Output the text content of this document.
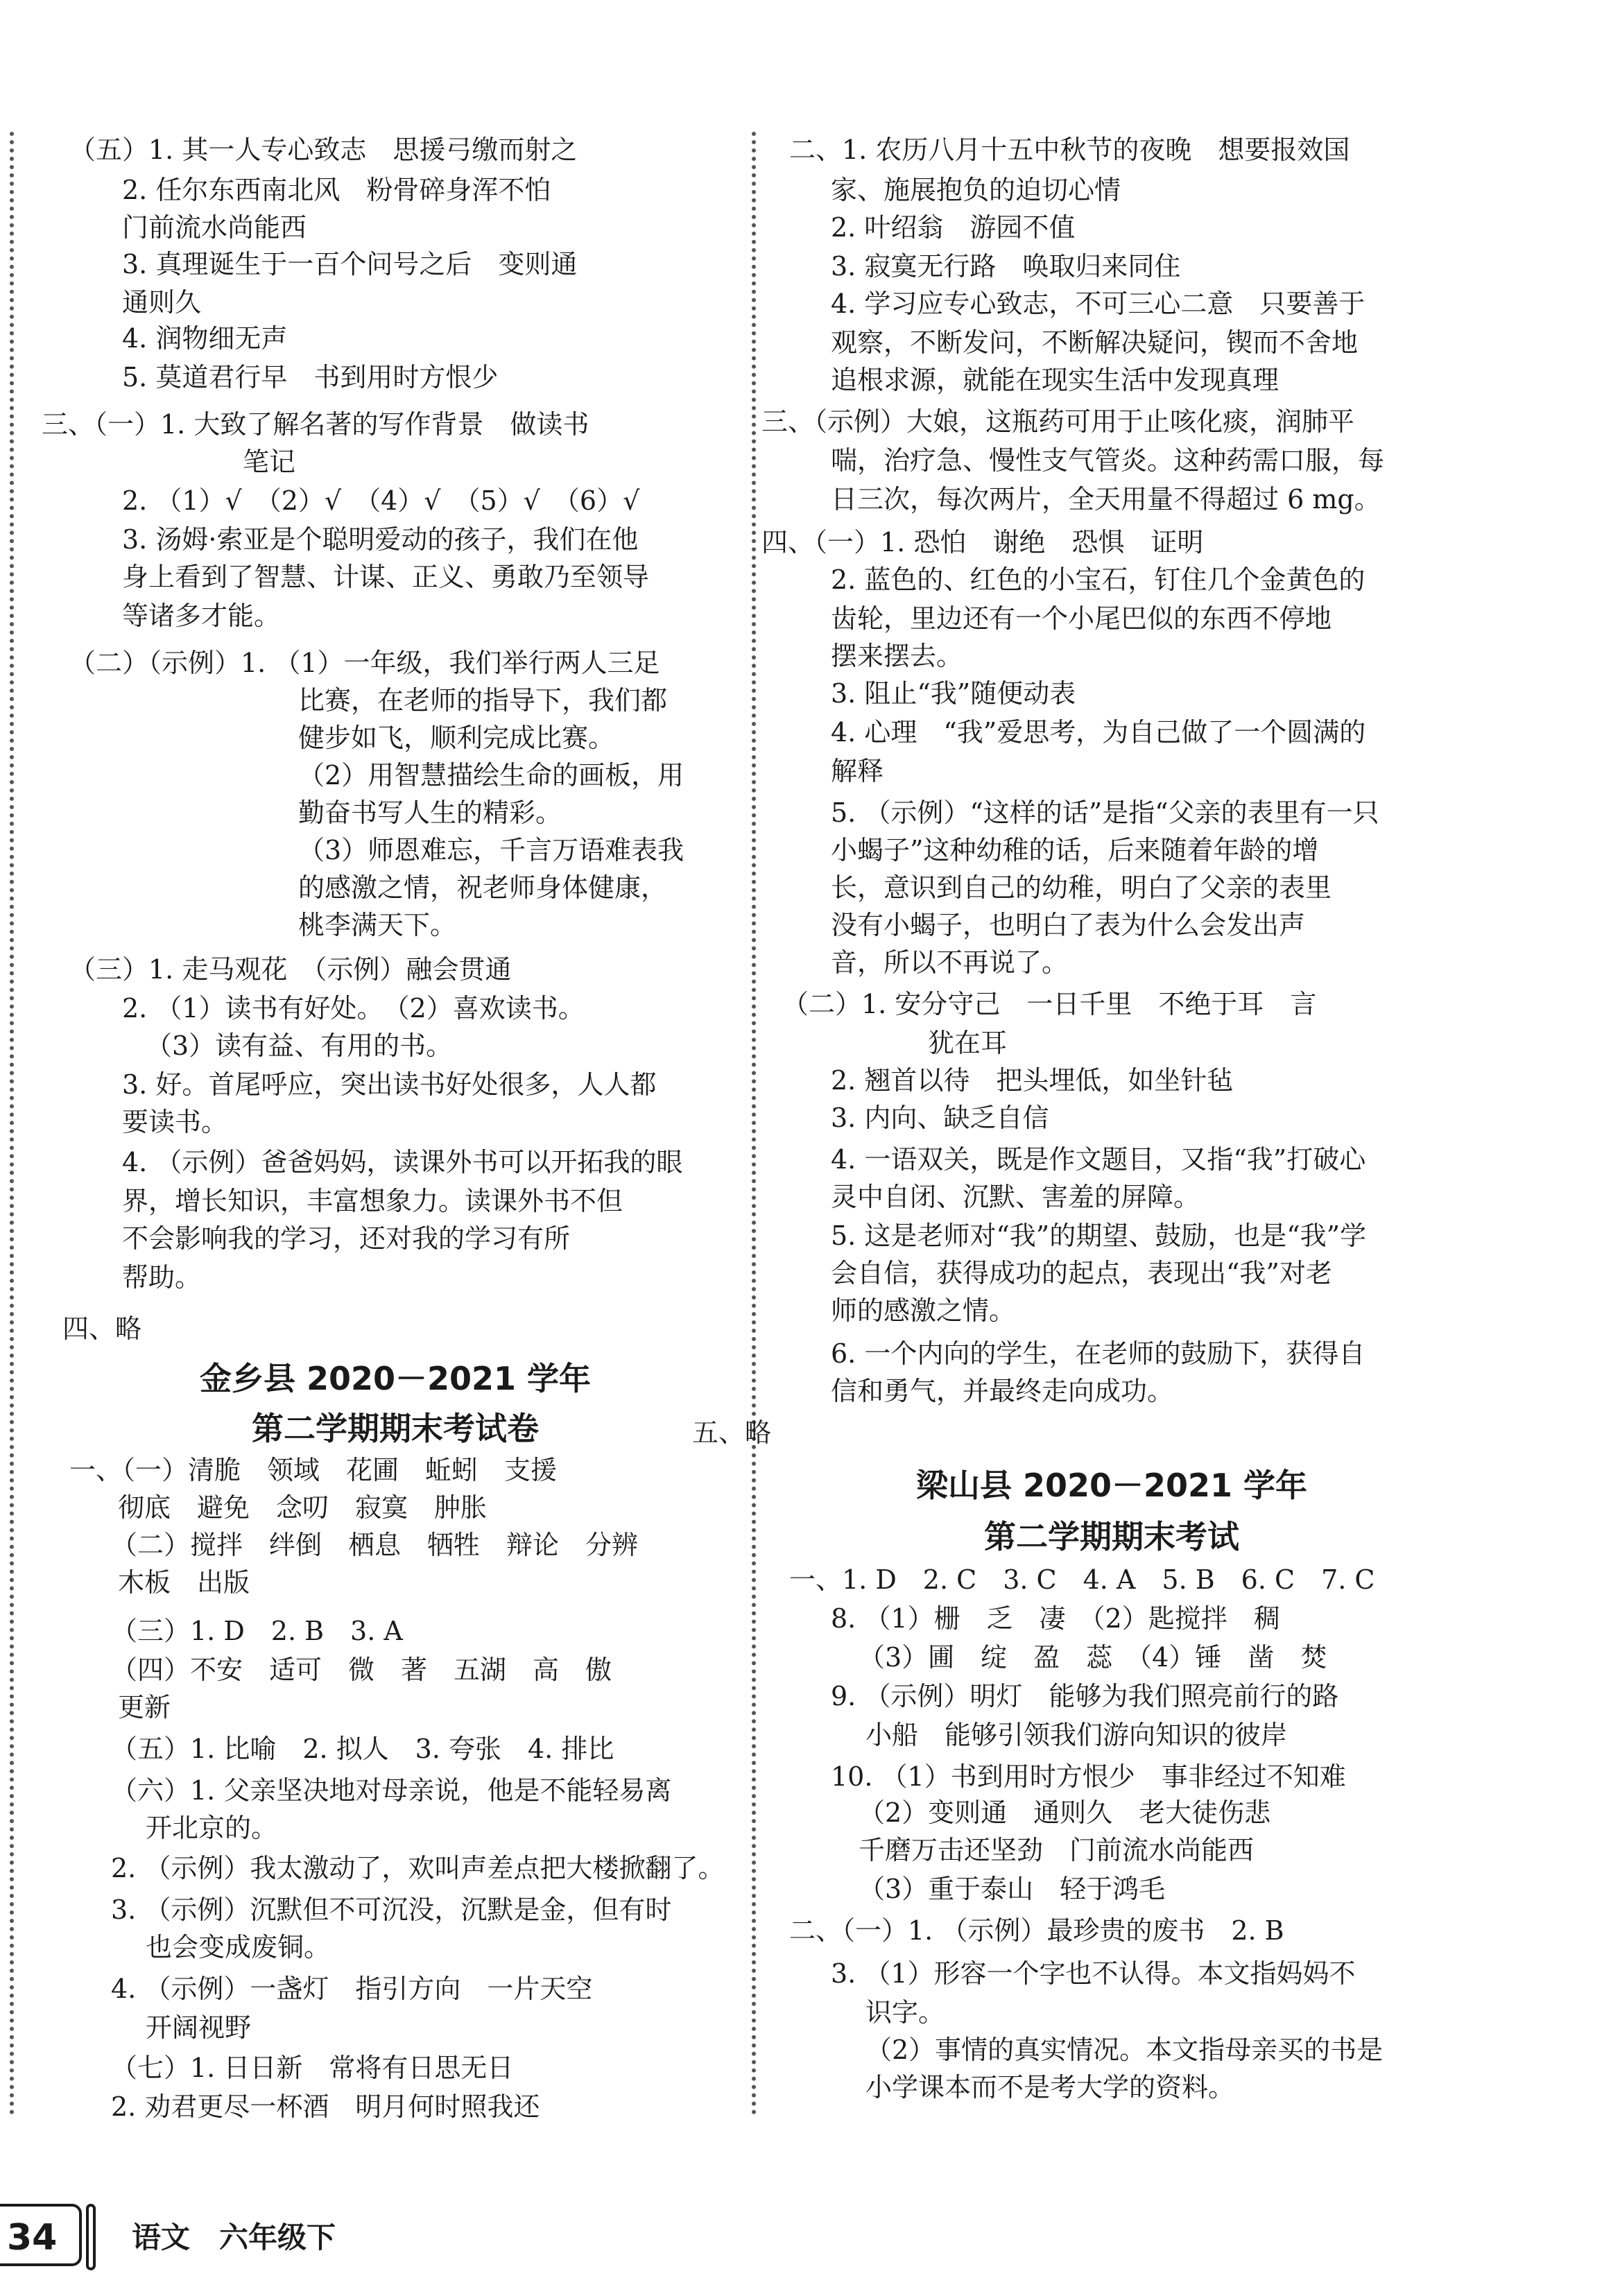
（五）1. 其一人专心致志　思援弓缴而射之
2. 任尔东西南北风　粉骨碎身浑不怕
门前流水尚能西
3. 真理诞生于一百个问号之后　变则通
通则久
4. 润物细无声
5. 莫道君行早　书到用时方恨少
三、（一）1. 大致了解名著的写作背景　做读书
笔记
2. （1）√　（2）√　（4）√　（5）√　（6）√
3. 汤姆·索亚是个聪明爱动的孩子，我们在他
身上看到了智慧、计谋、正义、勇敢乃至领导
等诸多才能。
（二）（示例）1. （1）一年级，我们举行两人三足
比赛，在老师的指导下，我们都
健步如飞，顺利完成比赛。
（2）用智慧描绘生命的画板，用
勤奋书写人生的精彩。
（3）师恩难忘，千言万语难表我
的感激之情，祝老师身体健康，
桃李满天下。
（三）1. 走马观花　（示例）融会贯通
2. （1）读书有好处。　（2）喜欢读书。
（3）读有益、有用的书。
3. 好。首尾呼应，突出读书好处很多，人人都
要读书。
4. （示例）爸爸妈妈，读课外书可以开拓我的眼
界，增长知识，丰富想象力。读课外书不但
不会影响我的学习，还对我的学习有所
帮助。
四、略
金乡县 2020－2021 学年
第二学期期末考试卷
一、（一）清脆　领域　花圃　蚯蚓　支援
彻底　避免　念叨　寂寞　肿胀
（二）搅拌　绊倒　栖息　牺牲　辩论　分辨
木板　出版
（三）1. D　2. B　3. A
（四）不安　适可　微　著　五湖　高　傲
更新
（五）1. 比喻　2. 拟人　3. 夸张　4. 排比
（六）1. 父亲坚决地对母亲说，他是不能轻易离
开北京的。
2. （示例）我太激动了，欢叫声差点把大楼掀翻了。
3. （示例）沉默但不可沉没，沉默是金，但有时
也会变成废铜。
4. （示例）一盏灯　指引方向　一片天空
开阔视野
（七）1. 日日新　常将有日思无日
2. 劝君更尽一杯酒　明月何时照我还
二、1. 农历八月十五中秋节的夜晚　想要报效国
家、施展抱负的迫切心情
2. 叶绍翁　游园不值
3. 寂寞无行路　唤取归来同住
4. 学习应专心致志，不可三心二意　只要善于
观察，不断发问，不断解决疑问，锲而不舍地
追根求源，就能在现实生活中发现真理
三、（示例）大娘，这瓶药可用于止咳化痰，润肺平
喘，治疗急、慢性支气管炎。这种药需口服，每
日三次，每次两片，全天用量不得超过 6 mg。
四、（一）1. 恐怕　谢绝　恐惧　证明
2. 蓝色的、红色的小宝石，钉住几个金黄色的
齿轮，里边还有一个小尾巴似的东西不停地
摆来摆去。
3. 阻止“我”随便动表
4. 心理　“我”爱思考，为自己做了一个圆满的
解释
5. （示例）“这样的话”是指“父亲的表里有一只
小蝎子”这种幼稚的话，后来随着年龄的增
长，意识到自己的幼稚，明白了父亲的表里
没有小蝎子，也明白了表为什么会发出声
音，所以不再说了。
（二）1. 安分守己　一日千里　不绝于耳　言
犹在耳
2. 翘首以待　把头埋低，如坐针毡
3. 内向、缺乏自信
4. 一语双关，既是作文题目，又指“我”打破心
灵中自闭、沉默、害羞的屏障。
5. 这是老师对“我”的期望、鼓励，也是“我”学
会自信，获得成功的起点，表现出“我”对老
师的感激之情。
6. 一个内向的学生，在老师的鼓励下，获得自
信和勇气，并最终走向成功。
五、略
梁山县 2020－2021 学年
第二学期期末考试
一、1. D　2. C　3. C　4. A　5. B　6. C　7. C
8. （1）栅　乏　凄　（2）匙搅拌　稠
（3）圃　绽　盈　蕊　（4）锤　凿　焚
9. （示例）明灯　能够为我们照亮前行的路
小船　能够引领我们游向知识的彼岸
10. （1）书到用时方恨少　事非经过不知难
（2）变则通　通则久　老大徒伤悲
千磨万击还坚劲　门前流水尚能西
（3）重于泰山　轻于鸿毛
二、（一）1. （示例）最珍贵的废书　2. B
3. （1）形容一个字也不认得。本文指妈妈不
识字。
（2）事情的真实情况。本文指母亲买的书是
小学课本而不是考大学的资料。
34	语文　六年级下
